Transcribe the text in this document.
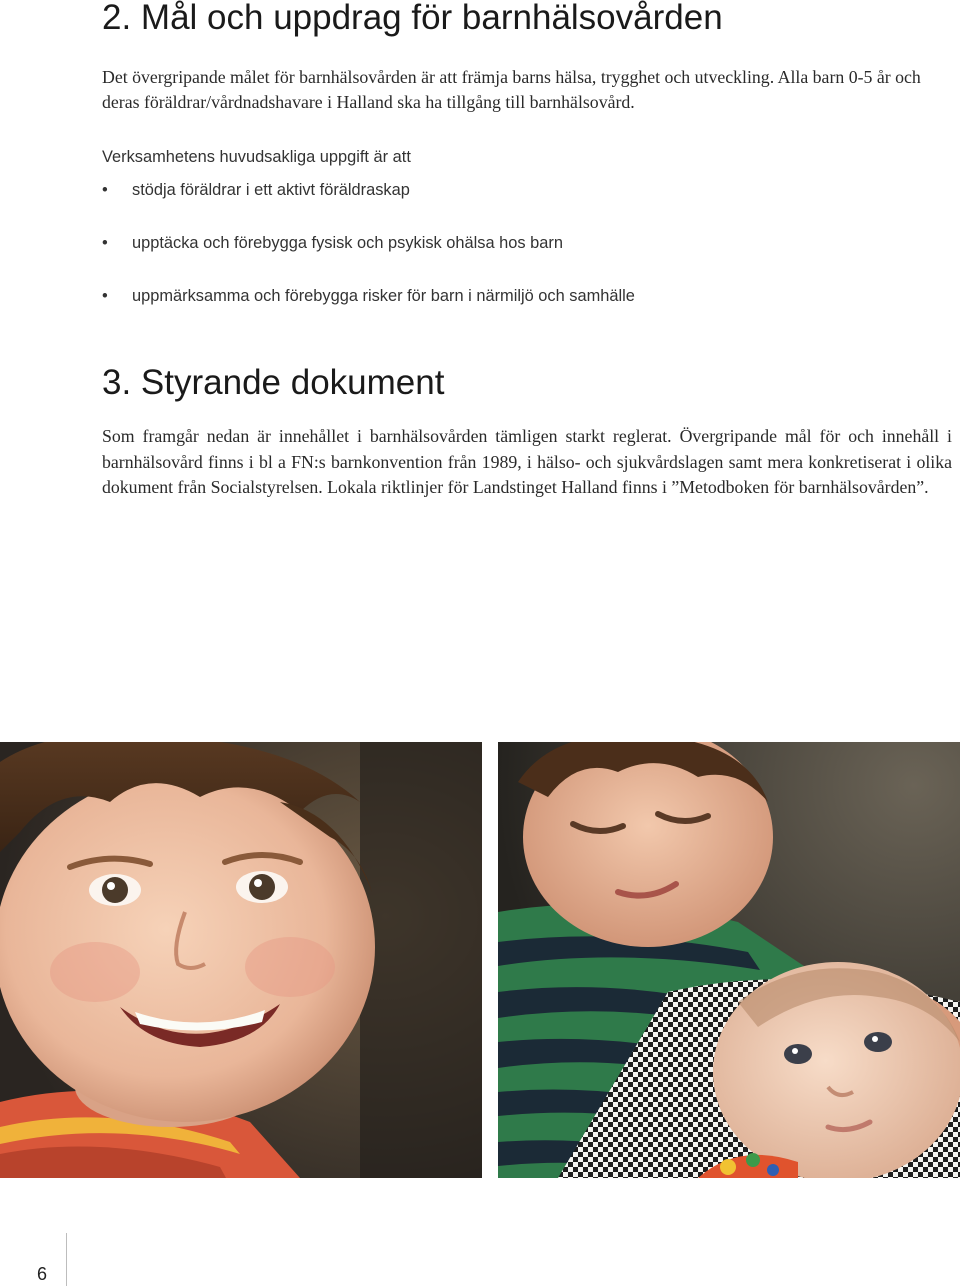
2. Mål och uppdrag för barnhälsovården

Det övergripande målet för barnhälsovården är att främja barns hälsa, trygghet och utveckling. Alla barn 0-5 år och deras föräldrar/vårdnadshavare i Halland ska ha tillgång till barnhälsovård.

Verksamhetens huvudsakliga uppgift är att
• stödja föräldrar i ett aktivt föräldraskap
• upptäcka och förebygga fysisk och psykisk ohälsa hos barn
• uppmärksamma och förebygga risker för barn i närmiljö och samhälle
3. Styrande dokument

Som framgår nedan är innehållet i barnhälsovården tämligen starkt reglerat. Övergripande mål för och innehåll i barnhälsovård finns i bl a FN:s barnkonvention från 1989, i hälso- och sjukvårdslagen samt mera konkretiserat i olika dokument från Socialstyrelsen. Lokala riktlinjer för Landstinget Halland finns i ”Metodboken för barnhälsovården”.

6
